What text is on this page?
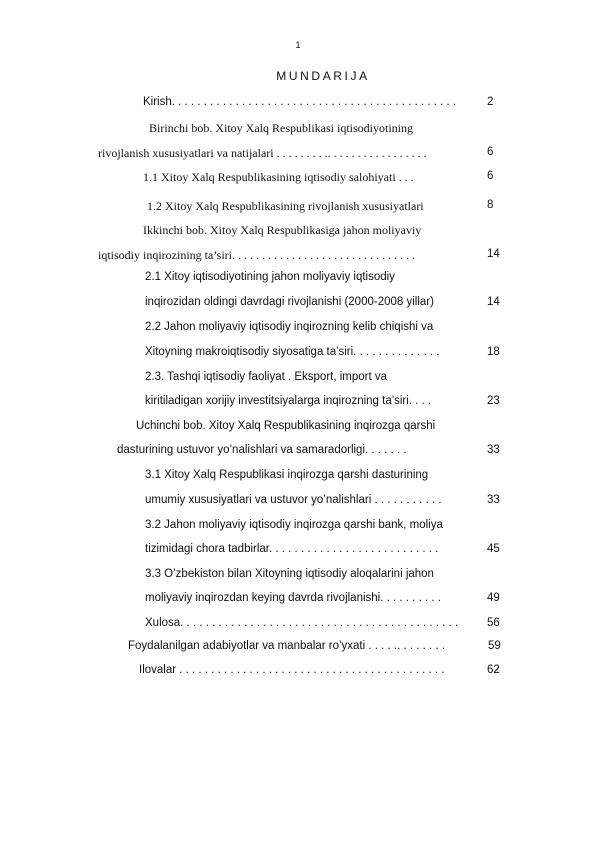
1
MUNDARIJA
Kirish. . . . . . . . . . . . . . . . . . . . . . . . . . . . . . . . . . . . . . . . . . . . .	2
Birinchi bob. Xitoy Xalq Respublikasi iqtisodiyotining
rivojlanish xususiyatlari va natijalari . . . . . . . . .. . . . . . . . . . . . . . . . .	6
1.1 Xitoy Xalq Respublikasining iqtisodiy salohiyati . . .	6
1.2 Xitoy Xalq Respublikasining rivojlanish xususiyatlari	8
Ikkinchi bob. Xitoy Xalq Respublikasiga jahon moliyaviy
iqtisodiy inqirozining ta’siri. . . . . . . . . . . . . . . . . . . . . . . . . . . . . . .	14
2.1 Xitoy iqtisodiyotining jahon moliyaviy iqtisodiy
inqirozidan oldingi davrdagi rivojlanishi (2000-2008 yillar)	14
2.2 Jahon moliyaviy iqtisodiy inqirozning kelib chiqishi va
Xitoyning makroiqtisodiy siyosatiga ta’siri. . . . . . . . . . . . . .	18
2.3. Tashqi iqtisodiy faoliyat . Eksport, import va
kiritiladigan xorijiy investitsiyalarga inqirozning ta’siri. . . .	23
Uchinchi bob. Xitoy Xalq Respublikasining inqirozga qarshi
dasturining ustuvor yo’nalishlari va samaradorligi. . . . . . .	33
3.1 Xitoy Xalq Respublikasi inqirozga qarshi dasturining
umumiy xususiyatlari va ustuvor yo’nalishlari . . . . . . . . . . .	33
3.2 Jahon moliyaviy iqtisodiy inqirozga qarshi bank, moliya
tizimidagi chora tadbirlar. . . . . . . . . . . . . . . . . . . . . . . . . . .	45
3.3 O’zbekiston bilan Xitoyning iqtisodiy aloqalarini jahon
moliyaviy inqirozdan keying davrda rivojlanishi. . . . . . . . . .	49
Xulosa. . . . . . . . . . . . . . . . . . . . . . . . . . . . . . . . . . . . . . . . . . . .	56
Foydalanilgan adabiyotlar va manbalar ro’yxati . . . . .. . . . . . . .	59
Ilovalar . . . . . . . . . . . . . . . . . . . . . . . . . . . . . . . . . . . . . . . . . .	62
